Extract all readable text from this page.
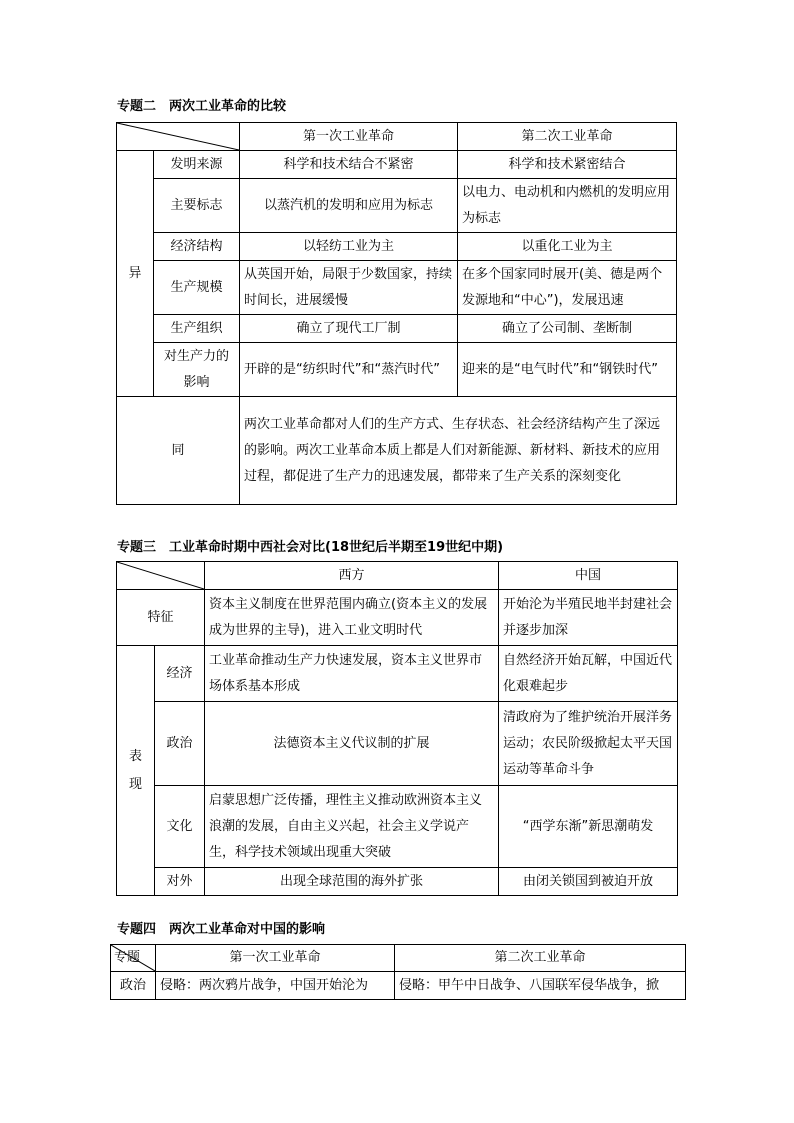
专题二　两次工业革命的比较
	第一次工业革命	第二次工业革命
异	发明来源	科学和技术结合不紧密	科学和技术紧密结合
	主要标志	以蒸汽机的发明和应用为标志	以电力、电动机和内燃机的发明应用为标志
	经济结构	以轻纺工业为主	以重化工业为主
	生产规模	从英国开始，局限于少数国家，持续时间长，进展缓慢	在多个国家同时展开(美、德是两个发源地和“中心”)，发展迅速
	生产组织	确立了现代工厂制	确立了公司制、垄断制
	对生产力的影响	开辟的是“纺织时代”和“蒸汽时代”	迎来的是“电气时代”和“钢铁时代”
同		两次工业革命都对人们的生产方式、生存状态、社会经济结构产生了深远的影响。两次工业革命本质上都是人们对新能源、新材料、新技术的应用过程，都促进了生产力的迅速发展，都带来了生产关系的深刻变化	
专题三　工业革命时期中西社会对比(18世纪后半期至19世纪中期)
	西方	中国
特征		资本主义制度在世界范围内确立(资本主义的发展成为世界的主导)，进入工业文明时代	开始沦为半殖民地半封建社会并逐步加深
表现	经济	工业革命推动生产力快速发展，资本主义世界市场体系基本形成	自然经济开始瓦解，中国近代化艰难起步
	政治	法德资本主义代议制的扩展	清政府为了维护统治开展洋务运动；农民阶级掀起太平天国运动等革命斗争
	文化	启蒙思想广泛传播，理性主义推动欧洲资本主义浪潮的发展，自由主义兴起，社会主义学说产生，科学技术领域出现重大突破	“西学东渐”新思潮萌发
	对外	出现全球范围的海外扩张	由闭关锁国到被迫开放
专题四　两次工业革命对中国的影响
专题	第一次工业革命	第二次工业革命
政治	侵略：两次鸦片战争，中国开始沦为	侵略：甲午中日战争、八国联军侵华战争，掀
